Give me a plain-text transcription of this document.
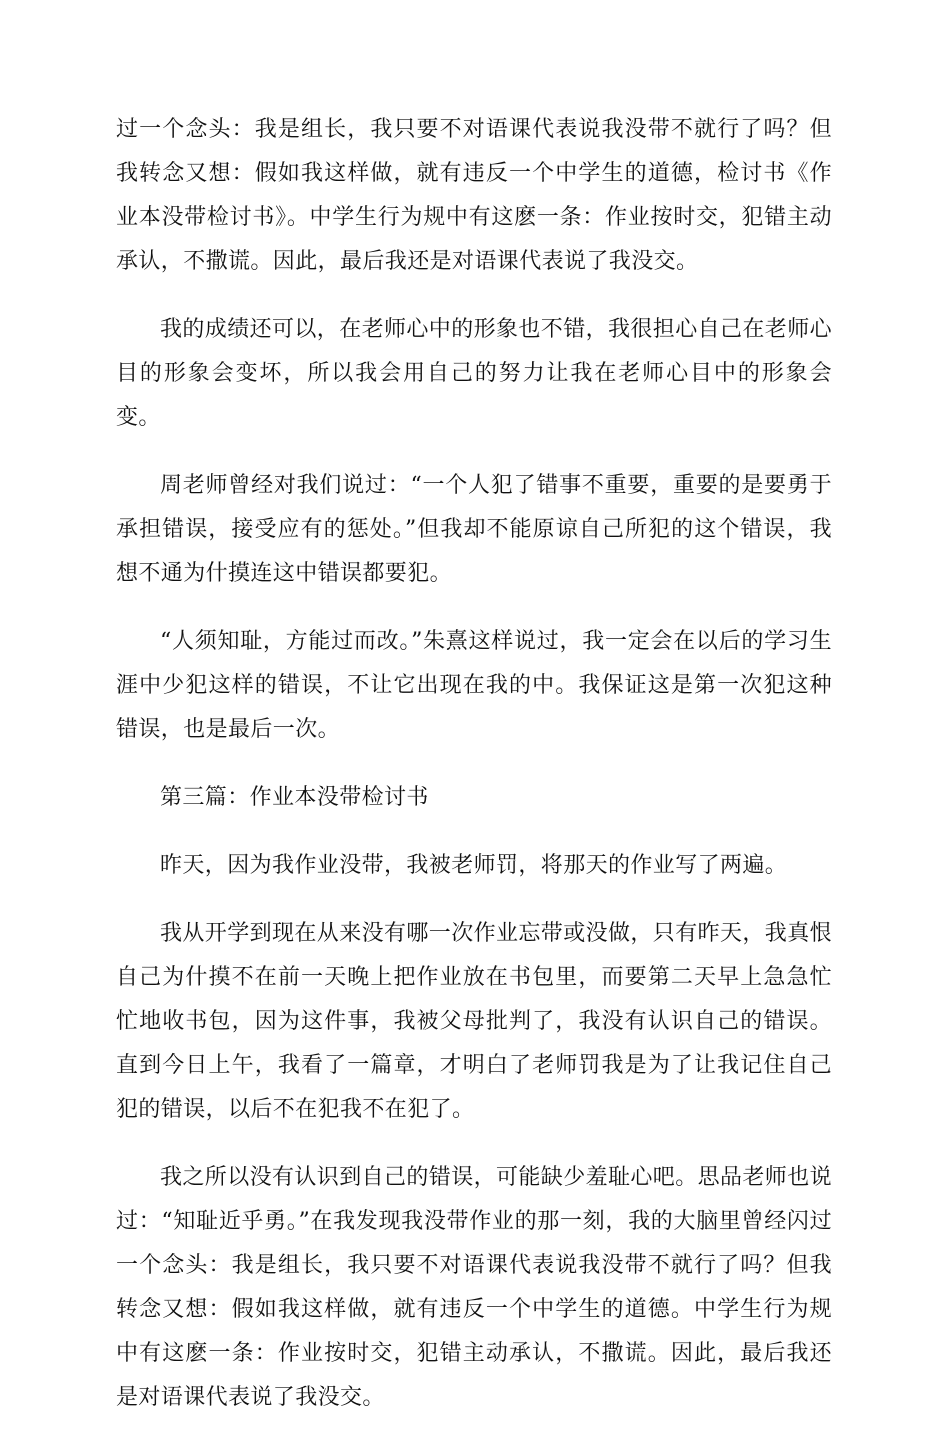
过一个念头：我是组长，我只要不对语课代表说我没带不就行了吗？但我转念又想：假如我这样做，就有违反一个中学生的道德，检讨书《作业本没带检讨书》。中学生行为规中有这麽一条：作业按时交，犯错主动承认，不撒谎。因此，最后我还是对语课代表说了我没交。

我的成绩还可以，在老师心中的形象也不错，我很担心自己在老师心目的形象会变坏，所以我会用自己的努力让我在老师心目中的形象会变。

周老师曾经对我们说过：“一个人犯了错事不重要，重要的是要勇于承担错误，接受应有的惩处。”但我却不能原谅自己所犯的这个错误，我想不通为什摸连这中错误都要犯。

“人须知耻，方能过而改。”朱熹这样说过，我一定会在以后的学习生涯中少犯这样的错误，不让它出现在我的中。我保证这是第一次犯这种错误，也是最后一次。

第三篇：作业本没带检讨书

昨天，因为我作业没带，我被老师罚，将那天的作业写了两遍。

我从开学到现在从来没有哪一次作业忘带或没做，只有昨天，我真恨自己为什摸不在前一天晚上把作业放在书包里，而要第二天早上急急忙忙地收书包，因为这件事，我被父母批判了，我没有认识自己的错误。直到今日上午，我看了一篇章，才明白了老师罚我是为了让我记住自己犯的错误，以后不在犯我不在犯了。

我之所以没有认识到自己的错误，可能缺少羞耻心吧。思品老师也说过：“知耻近乎勇。”在我发现我没带作业的那一刻，我的大脑里曾经闪过一个念头：我是组长，我只要不对语课代表说我没带不就行了吗？但我转念又想：假如我这样做，就有违反一个中学生的道德。中学生行为规中有这麽一条：作业按时交，犯错主动承认，不撒谎。因此，最后我还是对语课代表说了我没交。
